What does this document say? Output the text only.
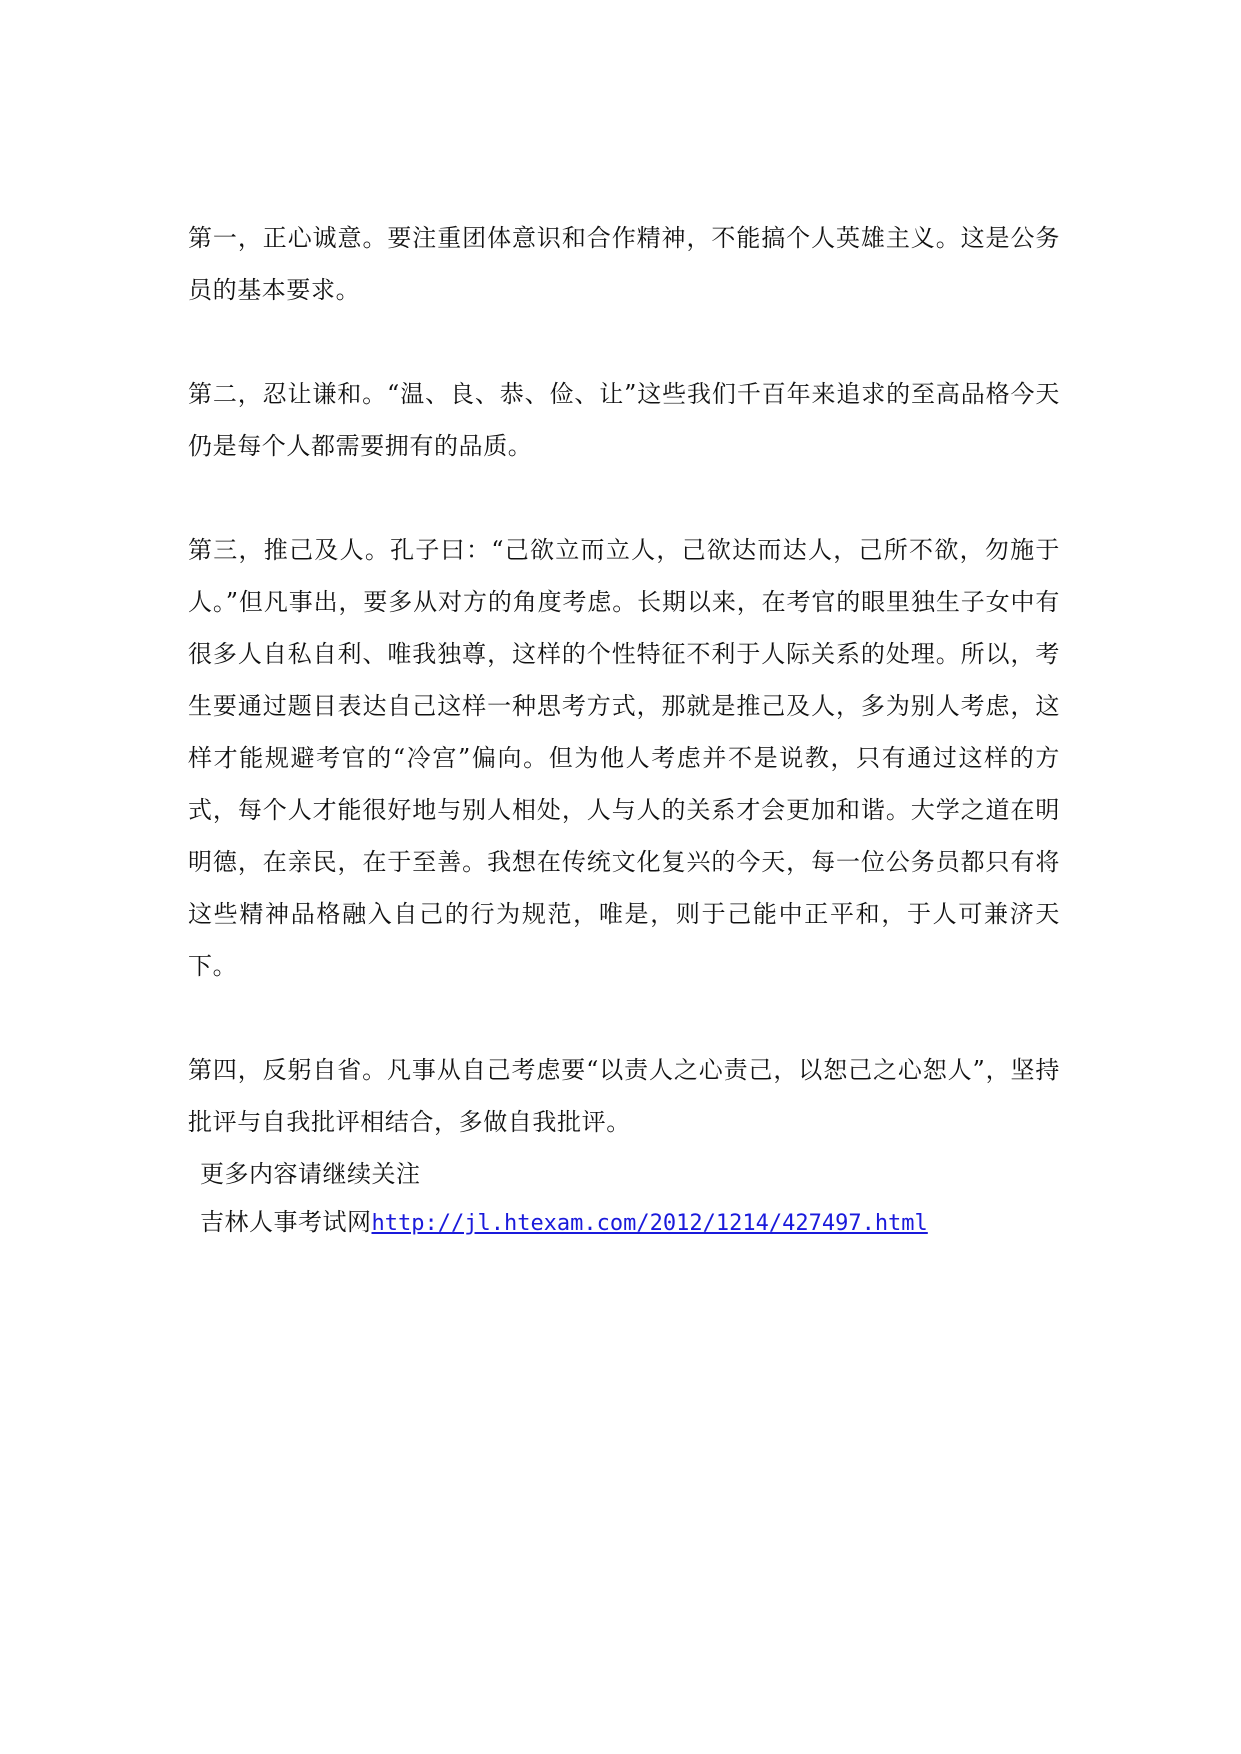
第一，正心诚意。要注重团体意识和合作精神，不能搞个人英雄主义。这是公务员的基本要求。

第二，忍让谦和。“温、良、恭、俭、让”这些我们千百年来追求的至高品格今天仍是每个人都需要拥有的品质。

第三，推己及人。孔子曰：“己欲立而立人，己欲达而达人，己所不欲，勿施于人。”但凡事出，要多从对方的角度考虑。长期以来，在考官的眼里独生子女中有很多人自私自利、唯我独尊，这样的个性特征不利于人际关系的处理。所以，考生要通过题目表达自己这样一种思考方式，那就是推己及人，多为别人考虑，这样才能规避考官的“冷宫”偏向。但为他人考虑并不是说教，只有通过这样的方式，每个人才能很好地与别人相处，人与人的关系才会更加和谐。大学之道在明明德，在亲民，在于至善。我想在传统文化复兴的今天，每一位公务员都只有将这些精神品格融入自己的行为规范，唯是，则于己能中正平和，于人可兼济天下。

第四，反躬自省。凡事从自己考虑要“以责人之心责己，以恕己之心恕人”，坚持批评与自我批评相结合，多做自我批评。

更多内容请继续关注
吉林人事考试网http://jl.htexam.com/2012/1214/427497.html
